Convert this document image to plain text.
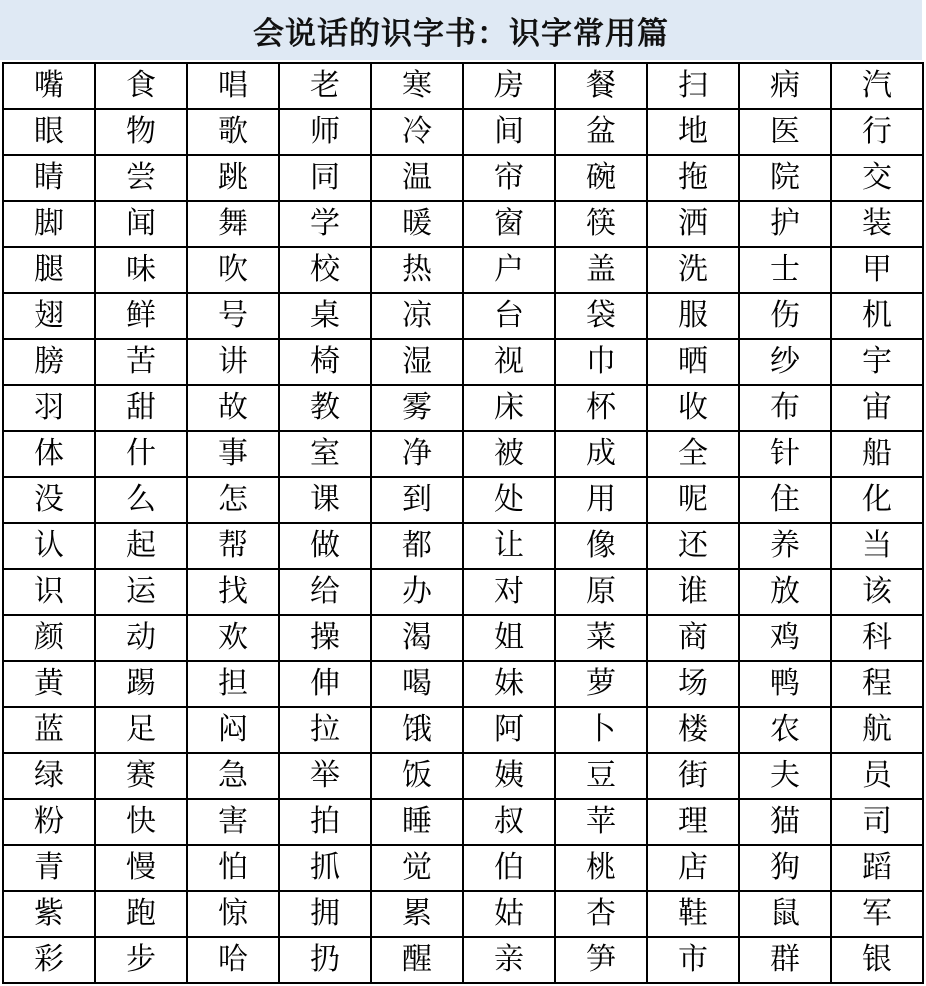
会说话的识字书：识字常用篇
嘴	食	唱	老	寒	房	餐	扫	病	汽
眼	物	歌	师	冷	间	盆	地	医	行
睛	尝	跳	同	温	帘	碗	拖	院	交
脚	闻	舞	学	暖	窗	筷	洒	护	装
腿	味	吹	校	热	户	盖	洗	士	甲
翅	鲜	号	桌	凉	台	袋	服	伤	机
膀	苦	讲	椅	湿	视	巾	晒	纱	宇
羽	甜	故	教	雾	床	杯	收	布	宙
体	什	事	室	净	被	成	全	针	船
没	么	怎	课	到	处	用	呢	住	化
认	起	帮	做	都	让	像	还	养	当
识	运	找	给	办	对	原	谁	放	该
颜	动	欢	操	渴	姐	菜	商	鸡	科
黄	踢	担	伸	喝	妹	萝	场	鸭	程
蓝	足	闷	拉	饿	阿	卜	楼	农	航
绿	赛	急	举	饭	姨	豆	街	夫	员
粉	快	害	拍	睡	叔	苹	理	猫	司
青	慢	怕	抓	觉	伯	桃	店	狗	蹈
紫	跑	惊	拥	累	姑	杏	鞋	鼠	军
彩	步	哈	扔	醒	亲	笋	市	群	银
